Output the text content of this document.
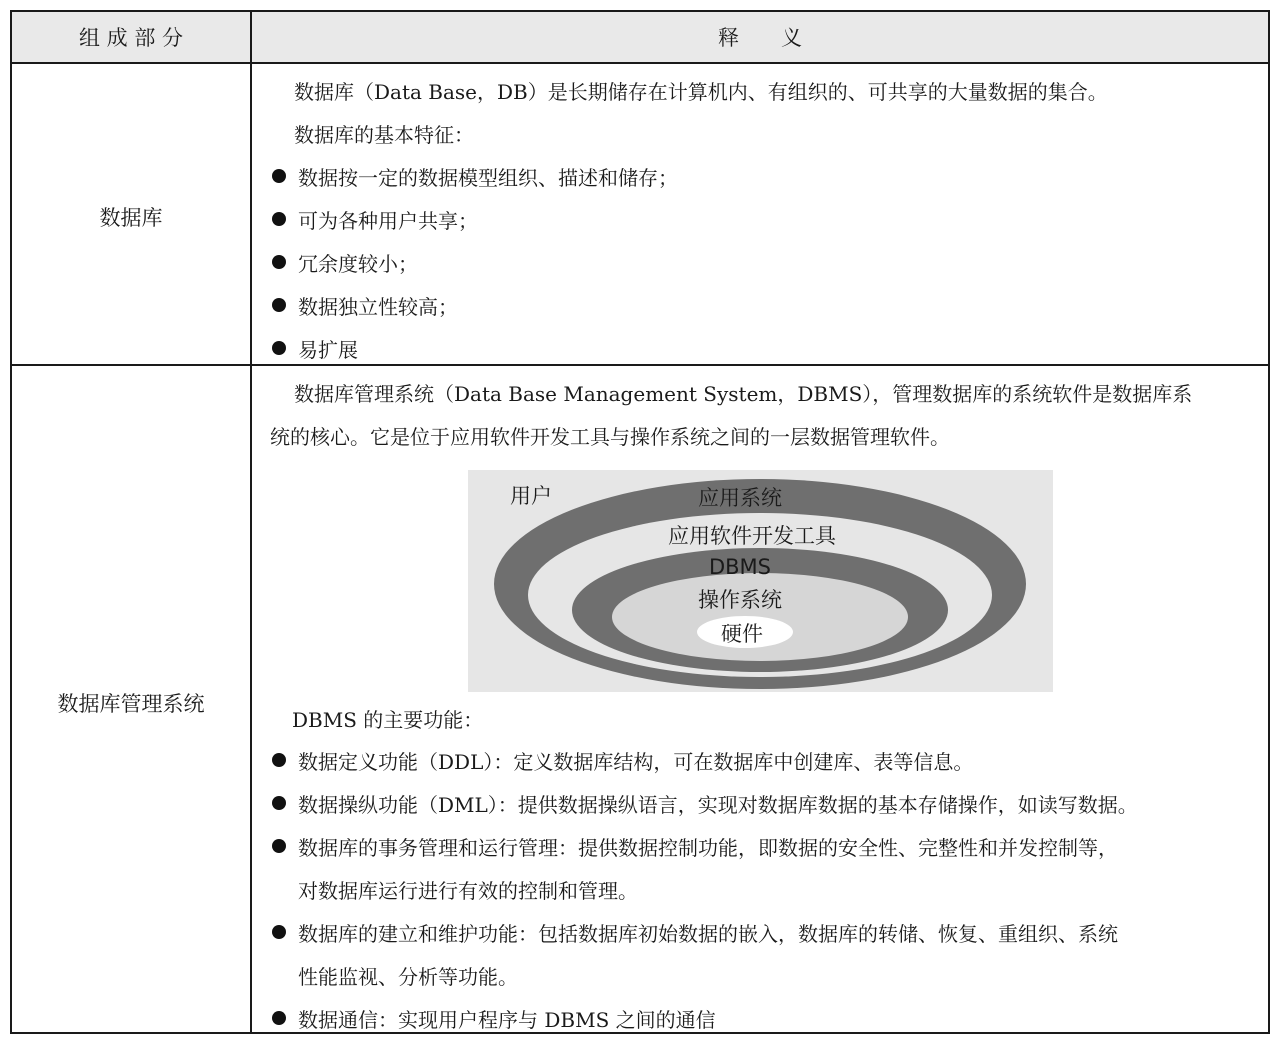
组 成 部 分	释　　义
数据库
数据库（Data Base，DB）是长期储存在计算机内、有组织的、可共享的大量数据的集合。
数据库的基本特征：
数据按一定的数据模型组织、描述和储存；
可为各种用户共享；
冗余度较小；
数据独立性较高；
易扩展
数据库管理系统
数据库管理系统（Data Base Management System，DBMS），管理数据库的系统软件是数据库系
统的核心。它是位于应用软件开发工具与操作系统之间的一层数据管理软件。
用户	应用系统
应用软件开发工具
DBMS
操作系统
硬件
DBMS 的主要功能：
数据定义功能（DDL）：定义数据库结构，可在数据库中创建库、表等信息。
数据操纵功能（DML）：提供数据操纵语言，实现对数据库数据的基本存储操作，如读写数据。
数据库的事务管理和运行管理：提供数据控制功能，即数据的安全性、完整性和并发控制等，
对数据库运行进行有效的控制和管理。
数据库的建立和维护功能：包括数据库初始数据的嵌入，数据库的转储、恢复、重组织、系统
性能监视、分析等功能。
数据通信：实现用户程序与 DBMS 之间的通信
